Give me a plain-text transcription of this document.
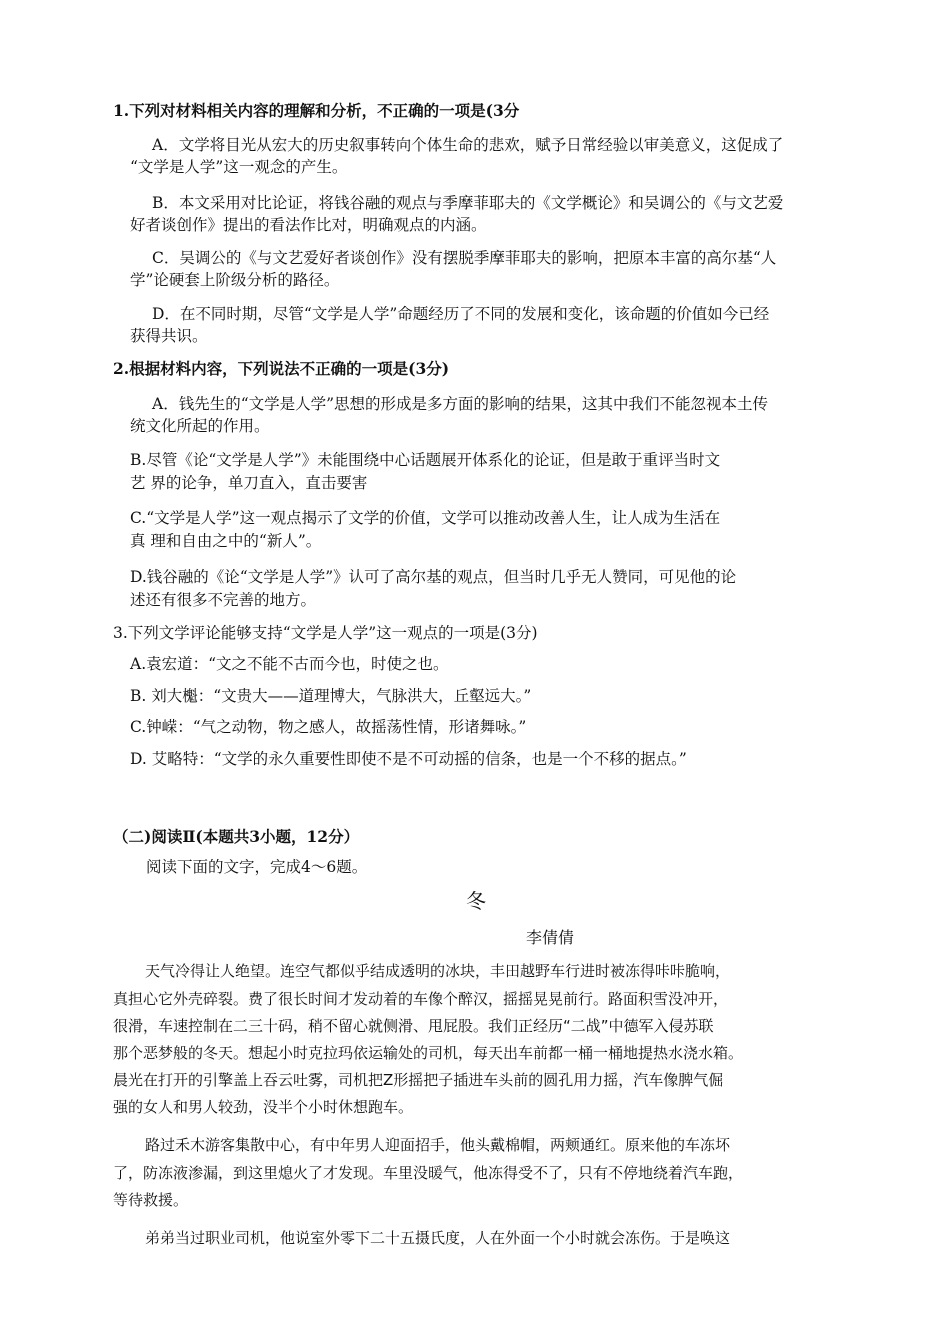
1.下列对材料相关内容的理解和分析，不正确的一项是(3分
A．文学将目光从宏大的历史叙事转向个体生命的悲欢，赋予日常经验以审美意义，这促成了
“文学是人学”这一观念的产生。
B．本文采用对比论证，将钱谷融的观点与季摩菲耶夫的《文学概论》和吴调公的《与文艺爱
好者谈创作》提出的看法作比对，明确观点的内涵。
C．吴调公的《与文艺爱好者谈创作》没有摆脱季摩菲耶夫的影响，把原本丰富的高尔基“人
学”论硬套上阶级分析的路径。
D．在不同时期，尽管“文学是人学”命题经历了不同的发展和变化，该命题的价值如今已经
获得共识。
2.根据材料内容，下列说法不正确的一项是(3分)
A．钱先生的“文学是人学”思想的形成是多方面的影响的结果，这其中我们不能忽视本土传
统文化所起的作用。
B.尽管《论“文学是人学”》未能围绕中心话题展开体系化的论证，但是敢于重评当时文
艺 界的论争，单刀直入，直击要害
C.“文学是人学”这一观点揭示了文学的价值，文学可以推动改善人生，让人成为生活在
真 理和自由之中的“新人”。
D.钱谷融的《论“文学是人学”》认可了高尔基的观点，但当时几乎无人赞同，可见他的论
述还有很多不完善的地方。
3.下列文学评论能够支持“文学是人学”这一观点的一项是(3分)
A.袁宏道：“文之不能不古而今也，时使之也。
B. 刘大櫆：“文贵大——道理博大，气脉洪大，丘壑远大。”
C.钟嵘：“气之动物，物之感人，故摇荡性情，形诸舞咏。”
D. 艾略特：“文学的永久重要性即使不是不可动摇的信条，也是一个不移的据点。”
（二)阅读Ⅱ(本题共3小题，12分）
阅读下面的文字，完成4～6题。
冬
李倩倩
天气冷得让人绝望。连空气都似乎结成透明的冰块，丰田越野车行进时被冻得咔咔脆响，
真担心它外壳碎裂。费了很长时间才发动着的车像个醉汉，摇摇晃晃前行。路面积雪没冲开，
很滑，车速控制在二三十码，稍不留心就侧滑、甩屁股。我们正经历“二战”中德军入侵苏联
那个恶梦般的冬天。想起小时克拉玛依运输处的司机，每天出车前都一桶一桶地提热水浇水箱。
晨光在打开的引擎盖上吞云吐雾，司机把Z形摇把子插进车头前的圆孔用力摇，汽车像脾气倔
强的女人和男人较劲，没半个小时休想跑车。
路过禾木游客集散中心，有中年男人迎面招手，他头戴棉帽，两颊通红。原来他的车冻坏
了，防冻液渗漏，到这里熄火了才发现。车里没暖气，他冻得受不了，只有不停地绕着汽车跑，
等待救援。
弟弟当过职业司机，他说室外零下二十五摄氏度，人在外面一个小时就会冻伤。于是唤这
